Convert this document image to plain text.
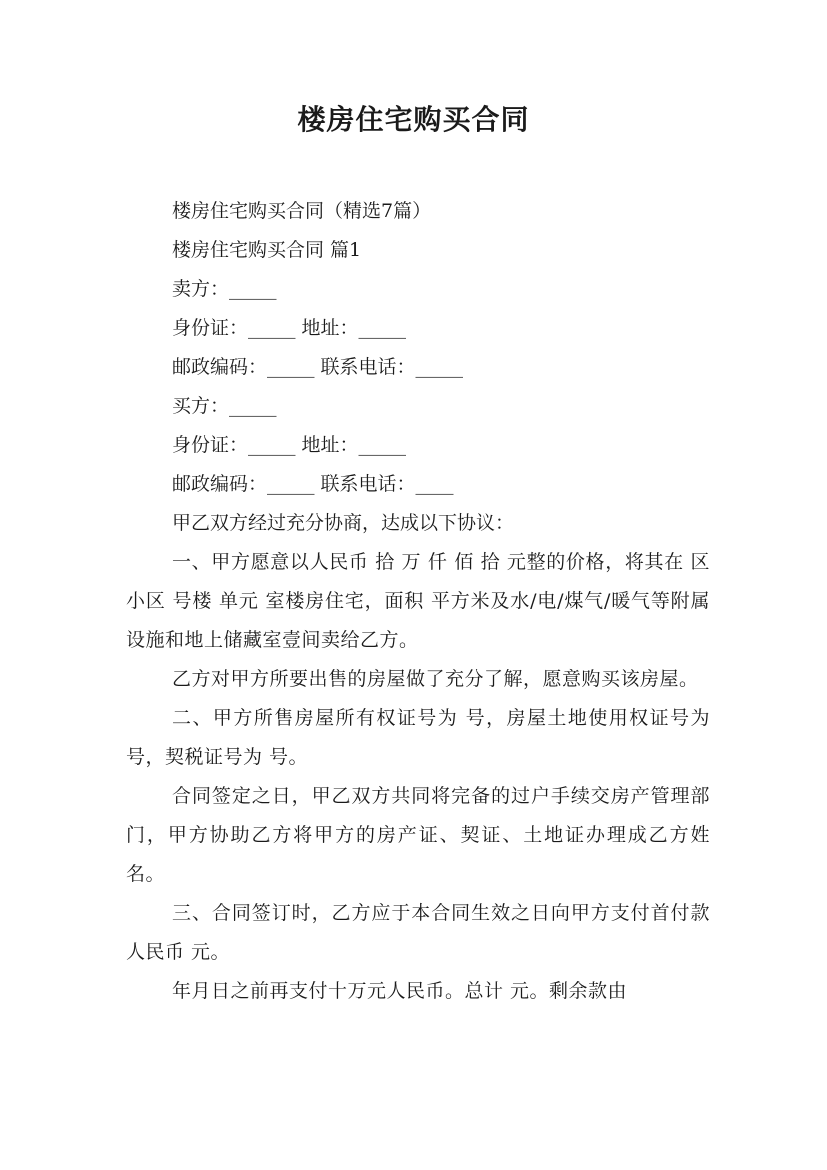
楼房住宅购买合同
楼房住宅购买合同（精选7篇）
楼房住宅购买合同 篇1
卖方：_____
身份证：_____ 地址：_____
邮政编码：_____ 联系电话：_____
买方：_____
身份证：_____ 地址：_____
邮政编码：_____ 联系电话：____
甲乙双方经过充分协商，达成以下协议：
一、甲方愿意以人民币 拾 万 仟 佰 拾 元整的价格，将其在 区 小区 号楼 单元 室楼房住宅，面积 平方米及水/电/煤气/暖气等附属设施和地上储藏室壹间卖给乙方。
乙方对甲方所要出售的房屋做了充分了解，愿意购买该房屋。
二、甲方所售房屋所有权证号为 号，房屋土地使用权证号为 号，契税证号为 号。
合同签定之日，甲乙双方共同将完备的过户手续交房产管理部门，甲方协助乙方将甲方的房产证、契证、土地证办理成乙方姓名。
三、合同签订时，乙方应于本合同生效之日向甲方支付首付款人民币 元。
年月日之前再支付十万元人民币。总计 元。剩余款由
